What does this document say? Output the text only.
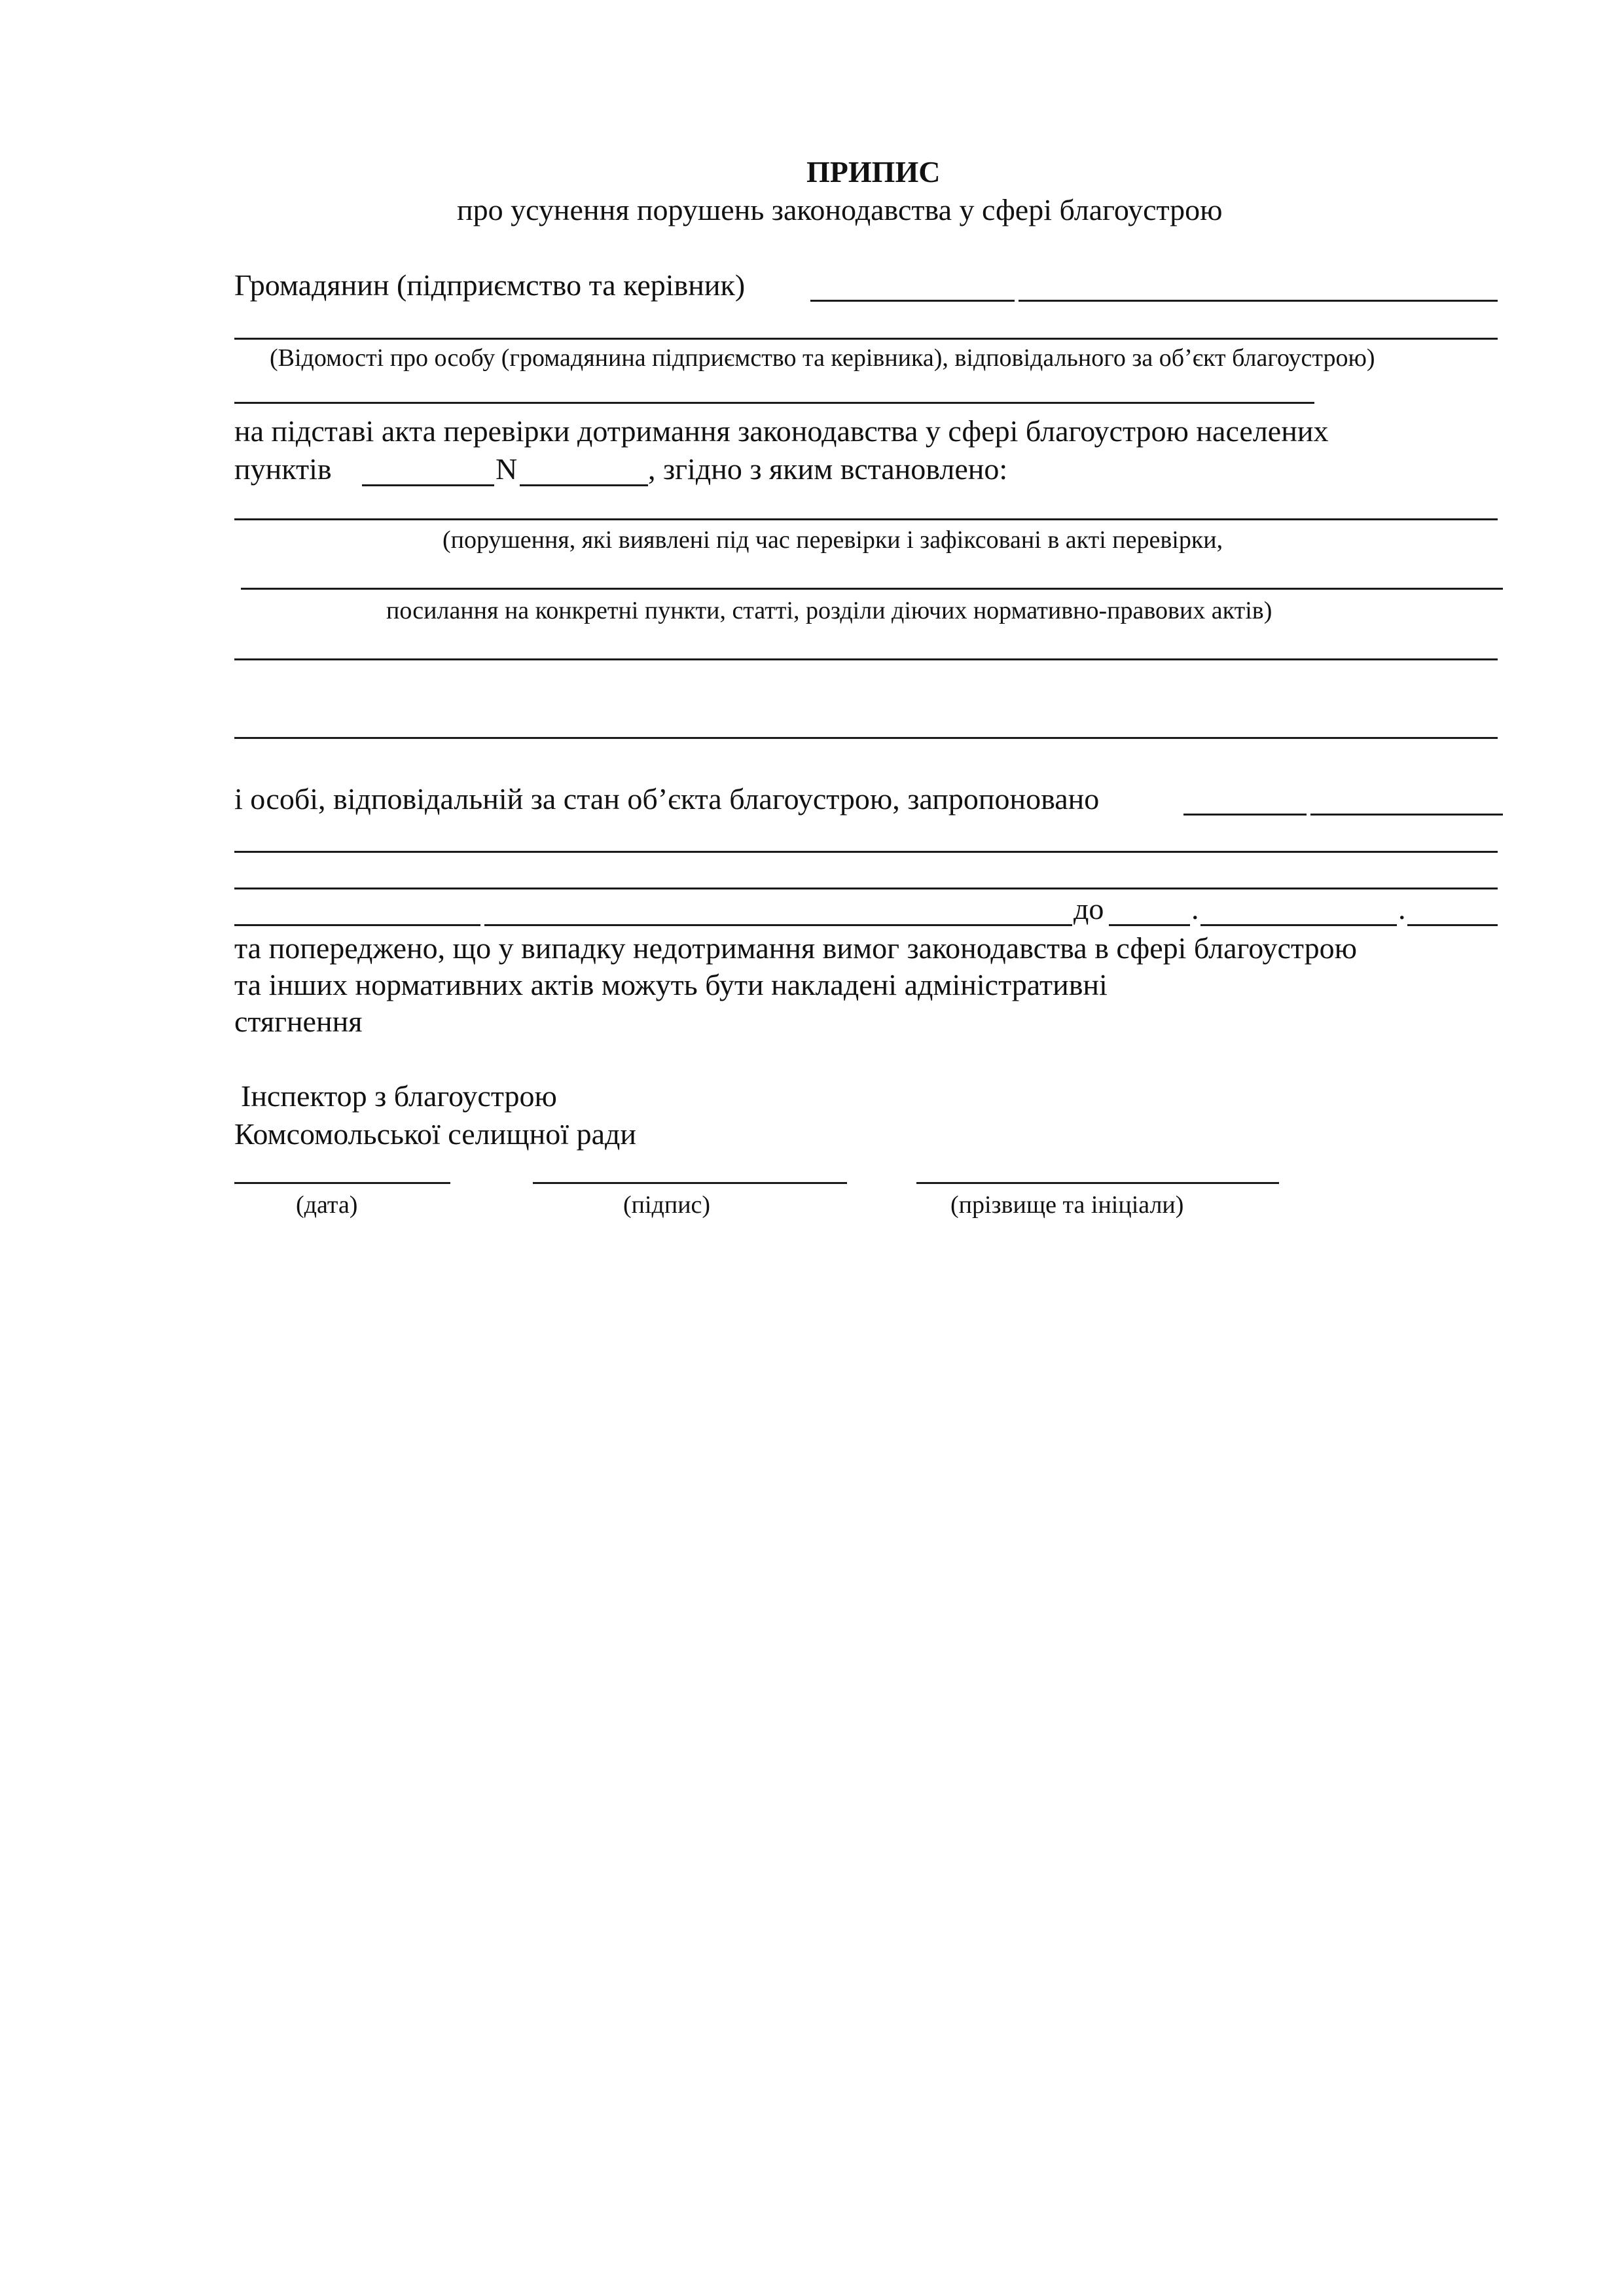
ПРИПИС
про усунення порушень законодавства у сфері благоустрою
Громадянин (підприємство та керівник)
(Відомості про особу (громадянина підприємство та керівника), відповідального за об’єкт благоустрою)
на підставі акта перевірки дотримання законодавства у сфері благоустрою населених
пунктів	N	, згідно з яким встановлено:
(порушення, які виявлені під час перевірки і зафіксовані в акті перевірки,
посилання на конкретні пункти, статті, розділи діючих нормативно-правових актів)
і особі, відповідальній за стан об’єкта благоустрою, запропоновано
до	.	.
та попереджено, що у випадку недотримання вимог законодавства в сфері благоустрою
та інших нормативних актів можуть бути накладені адміністративні
стягнення
Інспектор з благоустрою
Комсомольської селищної ради
(дата)	(підпис)	(прізвище та ініціали)
